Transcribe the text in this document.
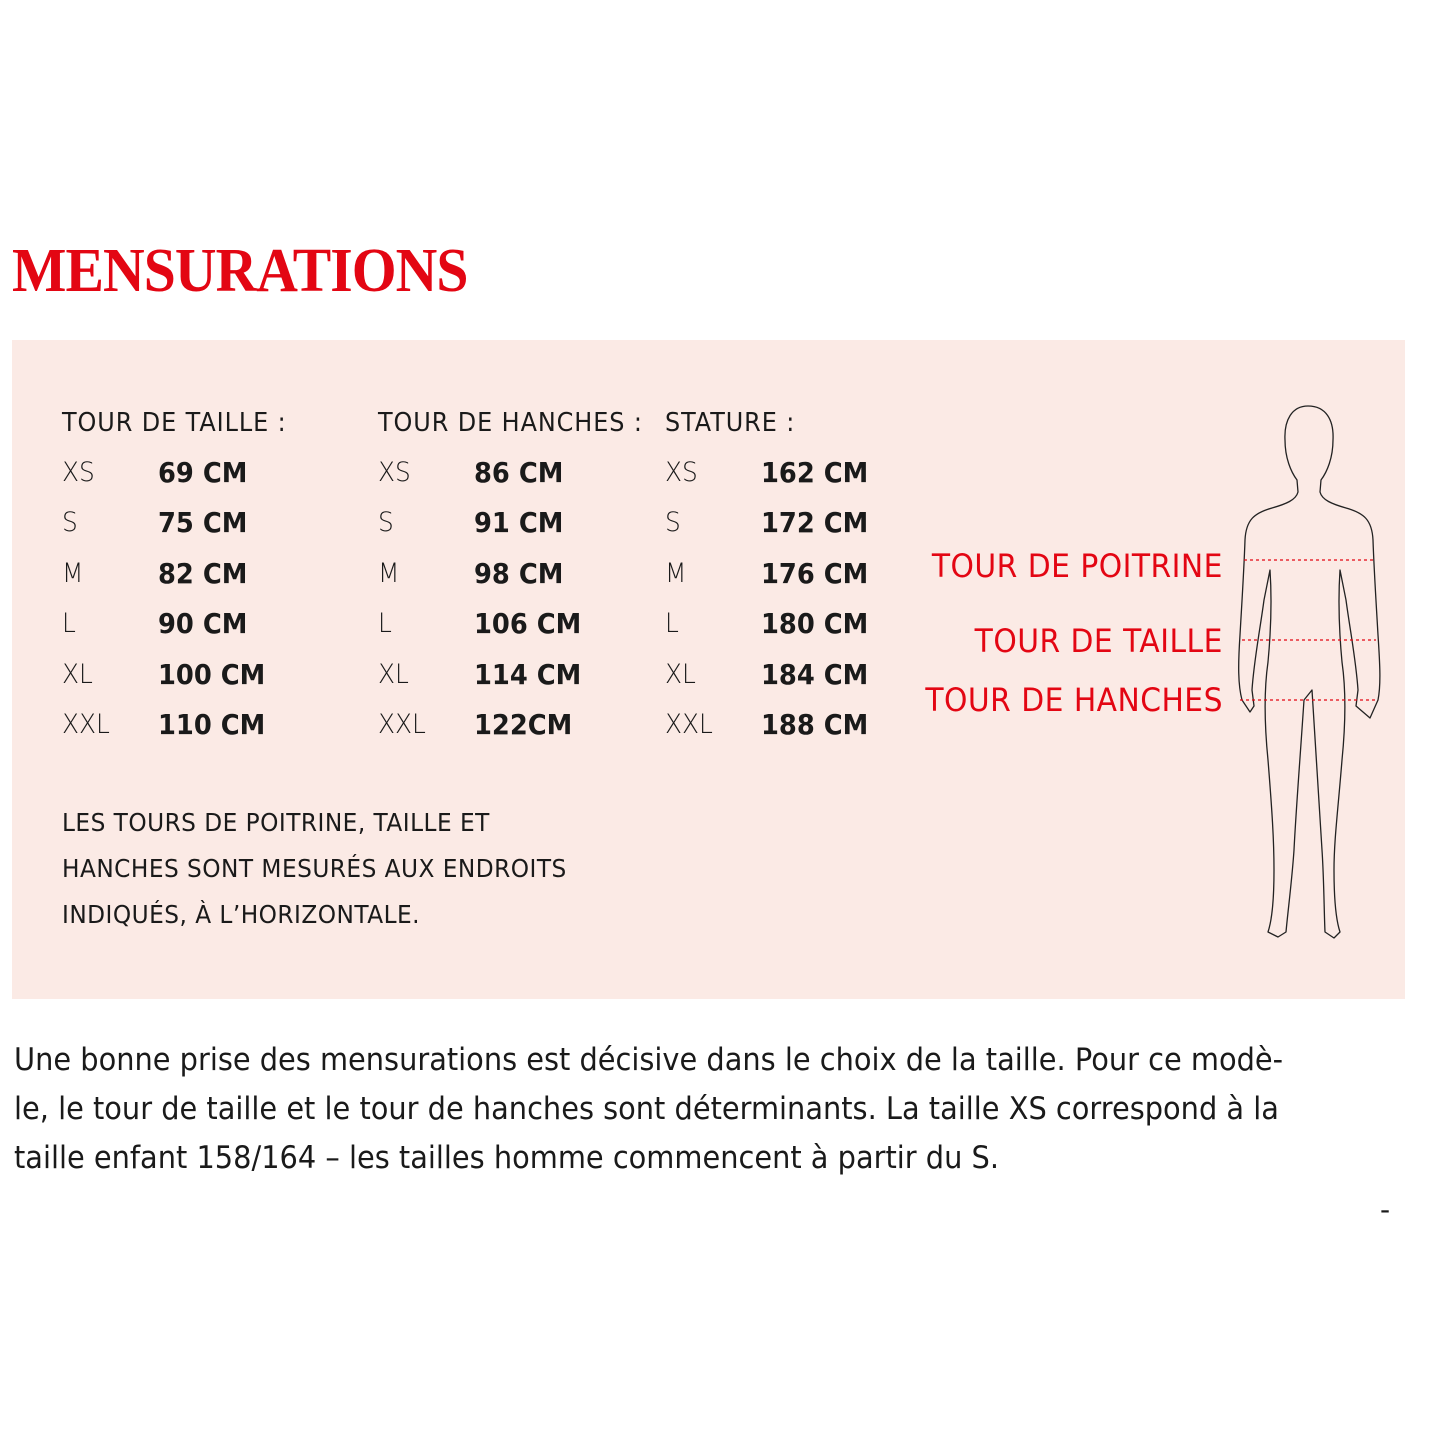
MENSURATIONS
TOUR DE TAILLE :
XS 69 CM
S	75 CM
M	82 CM
L	90 CM
XL 100 CM
XXL 110 CM
TOUR DE HANCHES :
XS 86 CM
S	91 CM
M	98 CM
L	106 CM
XL 114 CM
XXL 122CM
STATURE :
XS 162 CM
S	172 CM
M	176 CM
L	180 CM
XL 184 CM
XXL 188 CM
LES TOURS DE POITRINE, TAILLE ET
HANCHES SONT MESURÉS AUX ENDROITS
INDIQUÉS, À L’HORIZONTALE.
TOUR DE POITRINE
TOUR DE TAILLE
TOUR DE HANCHES
Une bonne prise des mensurations est décisive dans le choix de la taille. Pour ce modè-
le, le tour de taille et le tour de hanches sont déterminants. La taille XS correspond à la
taille enfant 158/164 – les tailles homme commencent à partir du S.
-
